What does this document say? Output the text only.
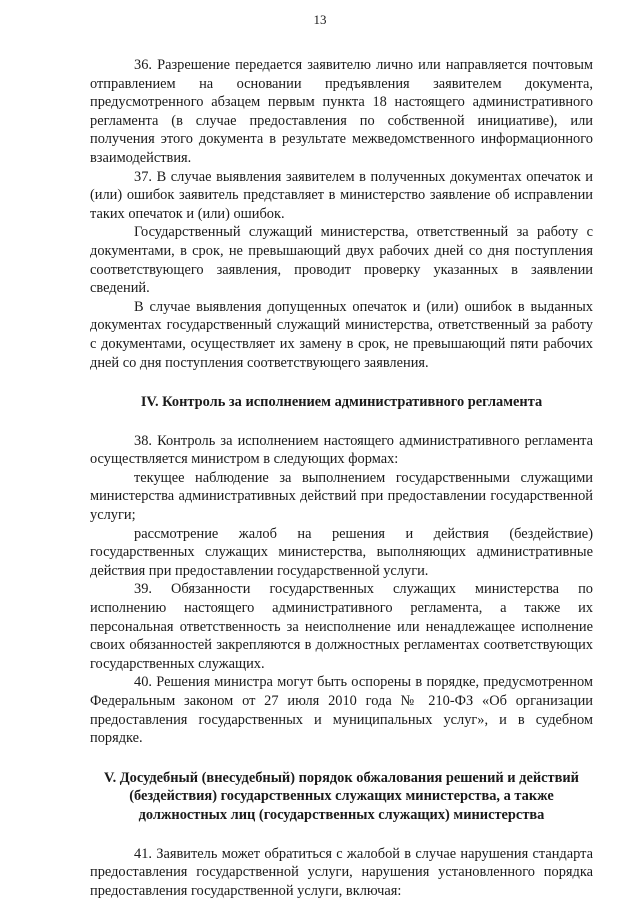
13

36. Разрешение передается заявителю лично или направляется почтовым отправлением на основании предъявления заявителем документа, предусмотренного абзацем первым пункта 18 настоящего административного регламента (в случае предоставления по собственной инициативе), или получения этого документа в результате межведомственного информационного взаимодействия.

37. В случае выявления заявителем в полученных документах опечаток и (или) ошибок заявитель представляет в министерство заявление об исправлении таких опечаток и (или) ошибок.

Государственный служащий министерства, ответственный за работу с документами, в срок, не превышающий двух рабочих дней со дня поступления соответствующего заявления, проводит проверку указанных в заявлении сведений.

В случае выявления допущенных опечаток и (или) ошибок в выданных документах государственный служащий министерства, ответственный за работу с документами, осуществляет их замену в срок, не превышающий пяти рабочих дней со дня поступления соответствующего заявления.

IV. Контроль за исполнением административного регламента

38. Контроль за исполнением настоящего административного регламента осуществляется министром в следующих формах:

текущее наблюдение за выполнением государственными служащими министерства административных действий при предоставлении государственной услуги;

рассмотрение жалоб на решения и действия (бездействие) государственных служащих министерства, выполняющих административные действия при предоставлении государственной услуги.

39. Обязанности государственных служащих министерства по исполнению настоящего административного регламента, а также их персональная ответственность за неисполнение или ненадлежащее исполнение своих обязанностей закрепляются в должностных регламентах соответствующих государственных служащих.

40. Решения министра могут быть оспорены в порядке, предусмотренном Федеральным законом от 27 июля 2010 года № 210-ФЗ «Об организации предоставления государственных и муниципальных услуг», и в судебном порядке.

V. Досудебный (внесудебный) порядок обжалования решений и действий (бездействия) государственных служащих министерства, а также должностных лиц (государственных служащих) министерства

41. Заявитель может обратиться с жалобой в случае нарушения стандарта предоставления государственной услуги, нарушения установленного порядка предоставления государственной услуги, включая:
